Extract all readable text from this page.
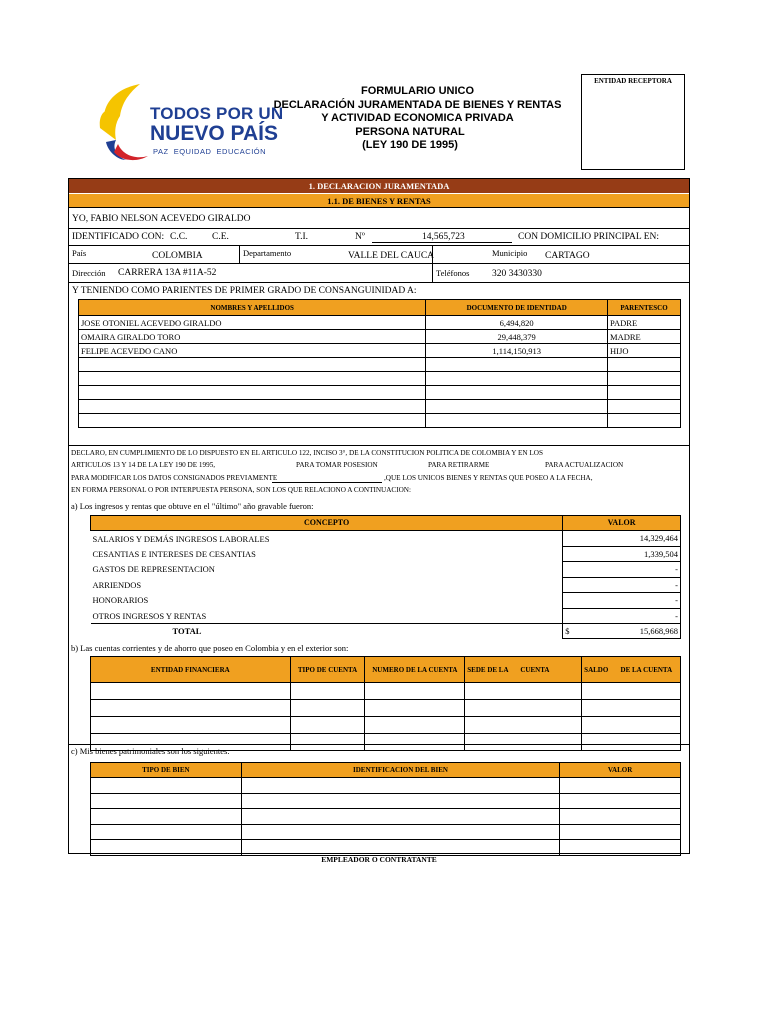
TODOS POR UN
NUEVO PAÍS
PAZ  EQUIDAD  EDUCACIÓN
FORMULARIO UNICO
DECLARACIÓN JURAMENTADA DE BIENES Y RENTAS
Y ACTIVIDAD ECONOMICA PRIVADA
PERSONA NATURAL
(LEY 190 DE 1995)
ENTIDAD RECEPTORA
1. DECLARACION JURAMENTADA
1.1. DE BIENES Y RENTAS
YO, FABIO NELSON ACEVEDO GIRALDO
IDENTIFICADO CON: C.C.	C.E.	T.I.	Nº	14,565,723	CON DOMICILIO PRINCIPAL EN:
País	COLOMBIA	Departamento	VALLE DEL CAUCA	Municipio CARTAGO
Dirección CARRERA 13A #11A-52	Teléfonos 320 3430330
Y TENIENDO COMO PARIENTES DE PRIMER GRADO DE CONSANGUINIDAD A:
NOMBRES Y APELLIDOS	DOCUMENTO DE IDENTIDAD	PARENTESCO
JOSE OTONIEL ACEVEDO GIRALDO	6,494,820	PADRE
OMAIRA GIRALDO TORO	29,448,379	MADRE
FELIPE ACEVEDO CANO	1,114,150,913	HIJO

DECLARO, EN CUMPLIMIENTO DE LO DISPUESTO EN EL ARTICULO 122, INCISO 3°, DE LA CONSTITUCION POLITICA DE COLOMBIA Y EN LOS
ARTICULOS 13 Y 14 DE LA LEY 190 DE 1995,	PARA TOMAR POSESION	PARA RETIRARME	PARA ACTUALIZACION
PARA MODIFICAR LOS DATOS CONSIGNADOS PREVIAMENTE	,QUE LOS UNICOS BIENES Y RENTAS QUE POSEO A LA FECHA,
EN FORMA PERSONAL O POR INTERPUESTA PERSONA, SON LOS QUE RELACIONO A CONTINUACION:
a) Los ingresos y rentas que obtuve en el "último" año gravable fueron:
CONCEPTO	VALOR
SALARIOS Y DEMÁS INGRESOS LABORALES	14,329,464
CESANTIAS E INTERESES DE CESANTIAS	1,339,504
GASTOS DE REPRESENTACION	-
ARRIENDOS	-
HONORARIOS	-
OTROS INGRESOS Y RENTAS	-
TOTAL	$ 15,668,968
b) Las cuentas corrientes y de ahorro que poseo en Colombia y en el exterior son:
ENTIDAD FINANCIERA	TIPO DE CUENTA	NUMERO DE LA CUENTA	SEDE DE LA       CUENTA	SALDO       DE LA CUENTA

c) Mis bienes patrimoniales son los siguientes:
TIPO DE BIEN	IDENTIFICACION DEL BIEN	VALOR

EMPLEADOR O CONTRATANTE
